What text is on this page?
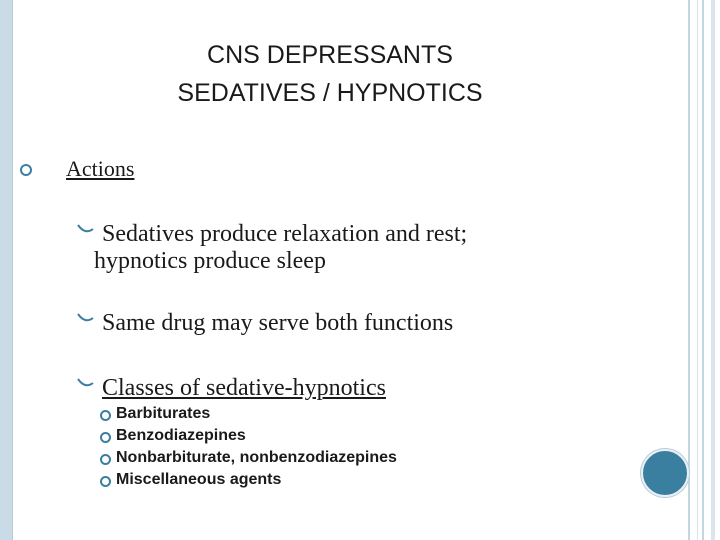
CNS DEPRESSANTS
SEDATIVES / HYPNOTICS
Actions
Sedatives produce relaxation and rest;
hypnotics produce sleep
Same drug may serve both functions
Classes of sedative-hypnotics
Barbiturates
Benzodiazepines
Nonbarbiturate, nonbenzodiazepines
Miscellaneous agents
